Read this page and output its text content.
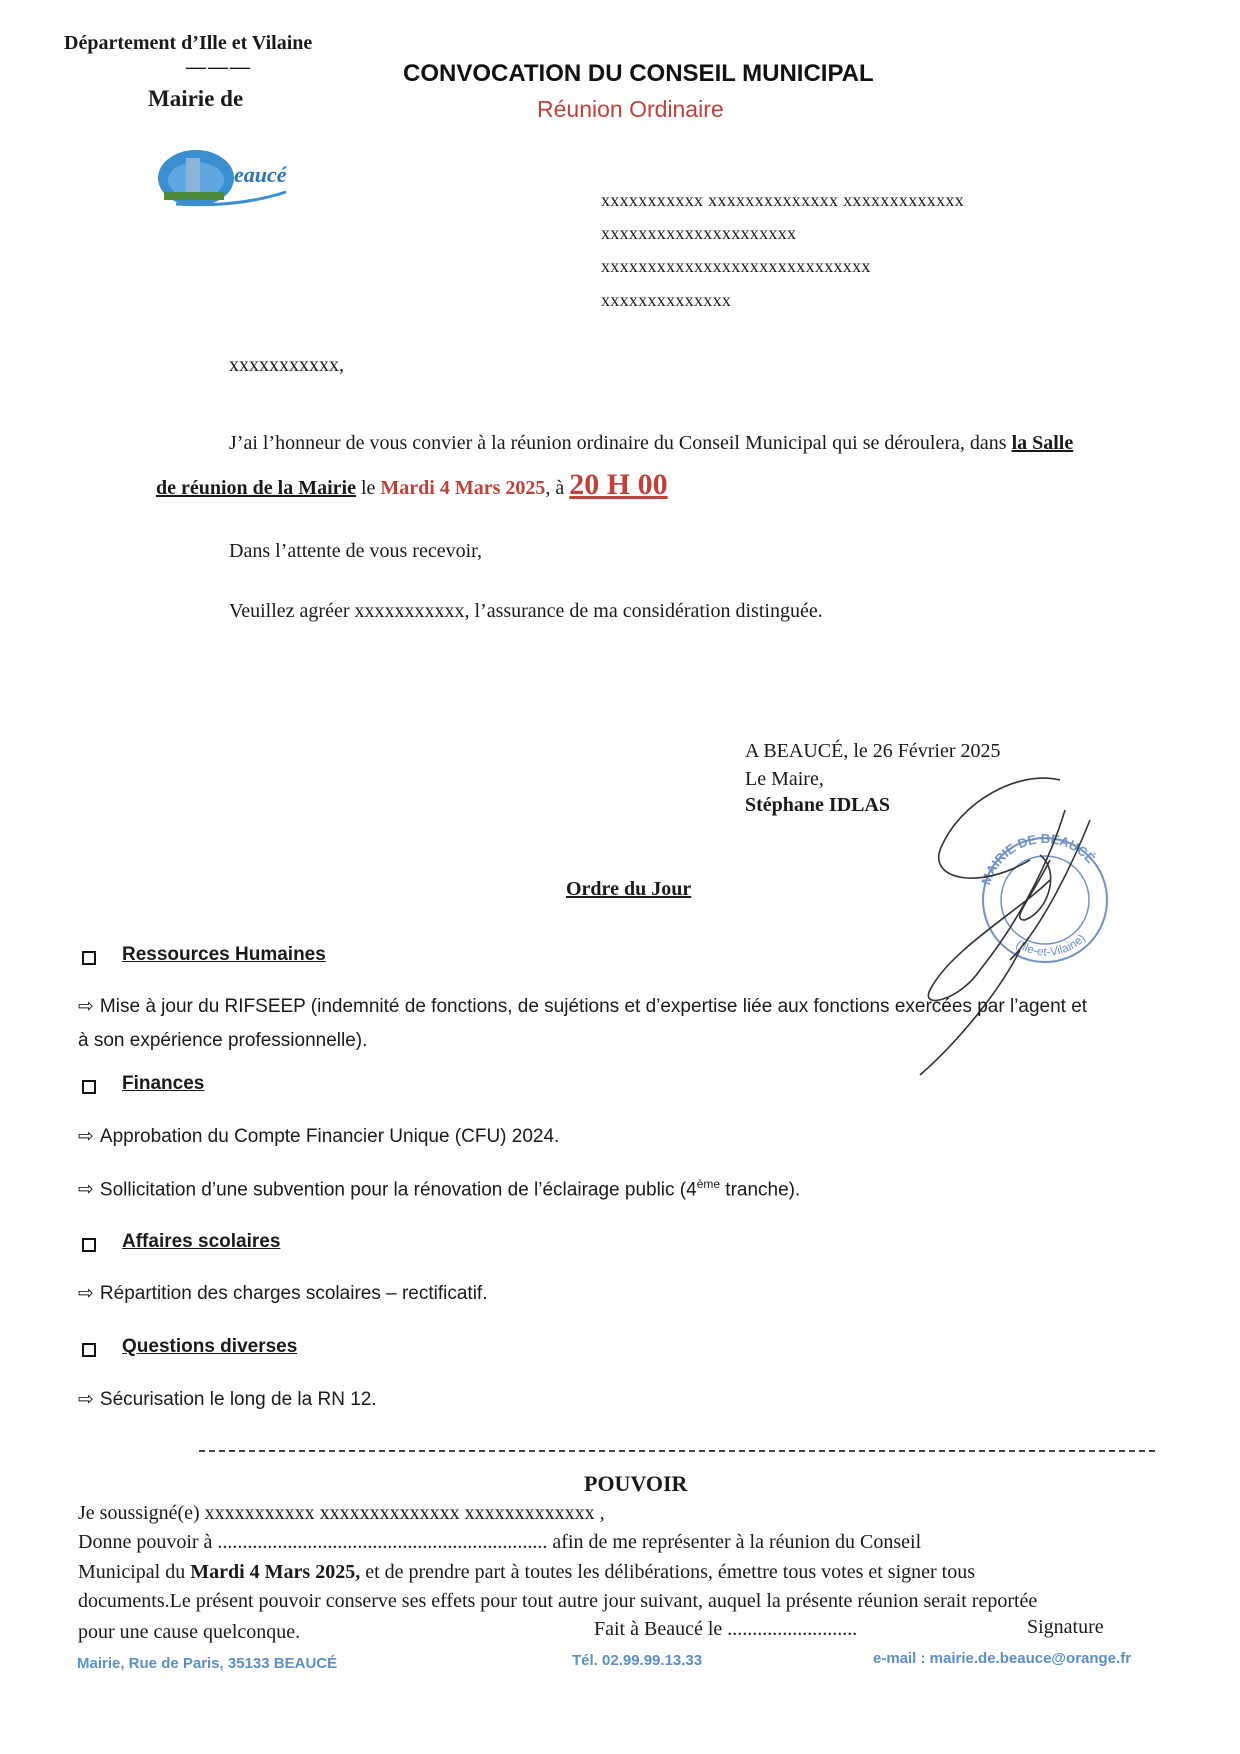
Département d’Ille et Vilaine
———
Mairie de
eaucé
CONVOCATION DU CONSEIL MUNICIPAL
Réunion Ordinaire
xxxxxxxxxxx xxxxxxxxxxxxxx xxxxxxxxxxxxx
xxxxxxxxxxxxxxxxxxxxx
xxxxxxxxxxxxxxxxxxxxxxxxxxxxx
xxxxxxxxxxxxxx
xxxxxxxxxxx,
J’ai l’honneur de vous convier à la réunion ordinaire du Conseil Municipal qui se déroulera, dans la Salle
de réunion de la Mairie le Mardi 4 Mars 2025, à 20 H 00
Dans l’attente de vous recevoir,
Veuillez agréer xxxxxxxxxxx, l’assurance de ma considération distinguée.
A BEAUCÉ, le 26 Février 2025
Le Maire,
Stéphane IDLAS
MAIRIE DE BEAUCÉ
(Ille-et-Vilaine)
Ordre du Jour
Ressources Humaines
⇨ Mise à jour du RIFSEEP (indemnité de fonctions, de sujétions et d’expertise liée aux fonctions exercées par l’agent et
à son expérience professionnelle).
Finances
⇨ Approbation du Compte Financier Unique (CFU) 2024.
⇨ Sollicitation d’une subvention pour la rénovation de l’éclairage public (4ème tranche).
Affaires scolaires
⇨ Répartition des charges scolaires – rectificatif.
Questions diverses
⇨ Sécurisation le long de la RN 12.
POUVOIR
Je soussigné(e) xxxxxxxxxxx xxxxxxxxxxxxxx xxxxxxxxxxxxx ,
Donne pouvoir à .................................................................. afin de me représenter à la réunion du Conseil
Municipal du Mardi 4 Mars 2025, et de prendre part à toutes les délibérations, émettre tous votes et signer tous
documents.Le présent pouvoir conserve ses effets pour tout autre jour suivant, auquel la présente réunion serait reportée
pour une cause quelconque.	Fait à Beaucé le ..........................	Signature
Mairie, Rue de Paris, 35133 BEAUCÉ	Tél. 02.99.99.13.33	e-mail : mairie.de.beauce@orange.fr
